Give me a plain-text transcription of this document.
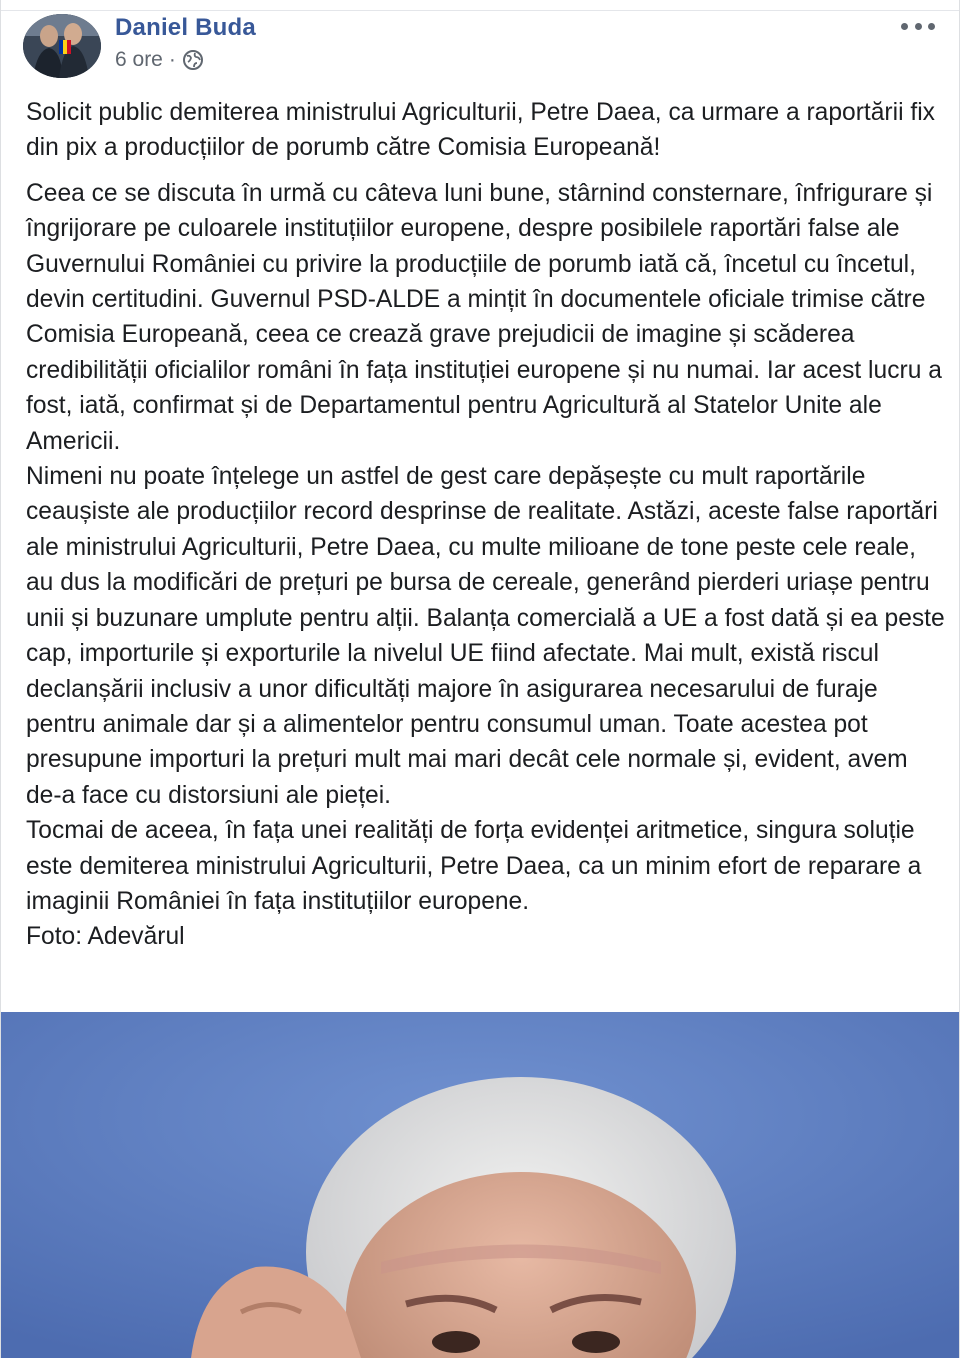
Daniel Buda
6 ore ·

Solicit public demiterea ministrului Agriculturii, Petre Daea, ca urmare a raportării fix din pix a producțiilor de porumb către Comisia Europeană!

Ceea ce se discuta în urmă cu câteva luni bune, stârnind consternare, înfrigurare și îngrijorare pe culoarele instituțiilor europene, despre posibilele raportări false ale Guvernului României cu privire la producțiile de porumb iată că, încetul cu încetul, devin certitudini. Guvernul PSD-ALDE a mințit în documentele oficiale trimise către Comisia Europeană, ceea ce crează grave prejudicii de imagine și scăderea credibilității oficialilor români în fața instituției europene și nu numai. Iar acest lucru a fost, iată, confirmat și de Departamentul pentru Agricultură al Statelor Unite ale Americii.

Nimeni nu poate înțelege un astfel de gest care depășește cu mult raportările ceaușiste ale producțiilor record desprinse de realitate. Astăzi, aceste false raportări ale ministrului Agriculturii, Petre Daea, cu multe milioane de tone peste cele reale, au dus la modificări de prețuri pe bursa de cereale, generând pierderi uriașe pentru unii și buzunare umplute pentru alții. Balanța comercială a UE a fost dată și ea peste cap, importurile și exporturile la nivelul UE fiind afectate. Mai mult, există riscul declanșării inclusiv a unor dificultăți majore în asigurarea necesarului de furaje pentru animale dar și a alimentelor pentru consumul uman. Toate acestea pot presupune importuri la prețuri mult mai mari decât cele normale și, evident, avem de-a face cu distorsiuni ale pieței.

Tocmai de aceea, în fața unei realități de forța evidenței aritmetice, singura soluție este demiterea ministrului Agriculturii, Petre Daea, ca un minim efort de reparare a imaginii României în fața instituțiilor europene.

Foto: Adevărul
